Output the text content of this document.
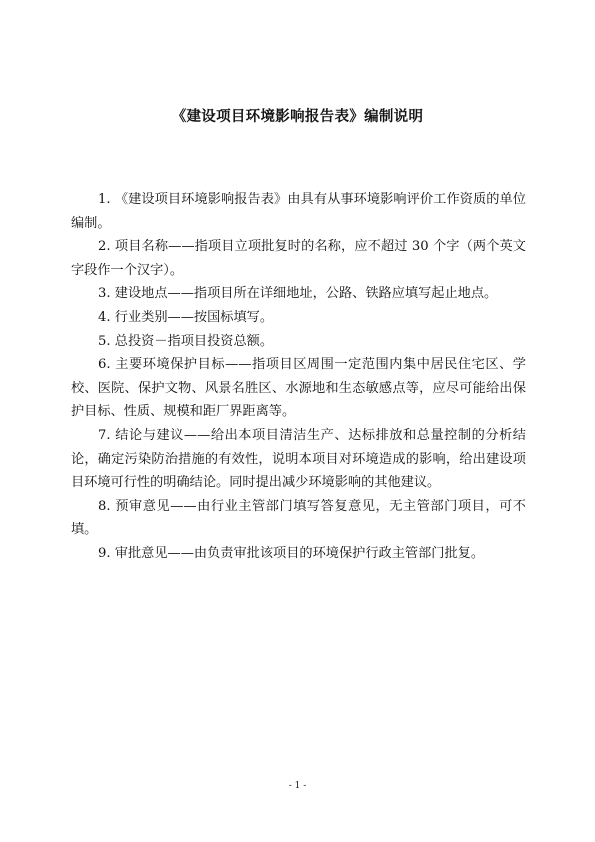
《建设项目环境影响报告表》编制说明

1. 《建设项目环境影响报告表》由具有从事环境影响评价工作资质的单位编制。

2. 项目名称——指项目立项批复时的名称，应不超过 30 个字（两个英文字段作一个汉字）。

3. 建设地点——指项目所在详细地址，公路、铁路应填写起止地点。

4. 行业类别——按国标填写。

5. 总投资－指项目投资总额。

6. 主要环境保护目标——指项目区周围一定范围内集中居民住宅区、学校、医院、保护文物、风景名胜区、水源地和生态敏感点等，应尽可能给出保护目标、性质、规模和距厂界距离等。

7. 结论与建议——给出本项目清洁生产、达标排放和总量控制的分析结论，确定污染防治措施的有效性，说明本项目对环境造成的影响，给出建设项目环境可行性的明确结论。同时提出减少环境影响的其他建议。

8. 预审意见——由行业主管部门填写答复意见，无主管部门项目，可不填。

9. 审批意见——由负责审批该项目的环境保护行政主管部门批复。

- 1 -
